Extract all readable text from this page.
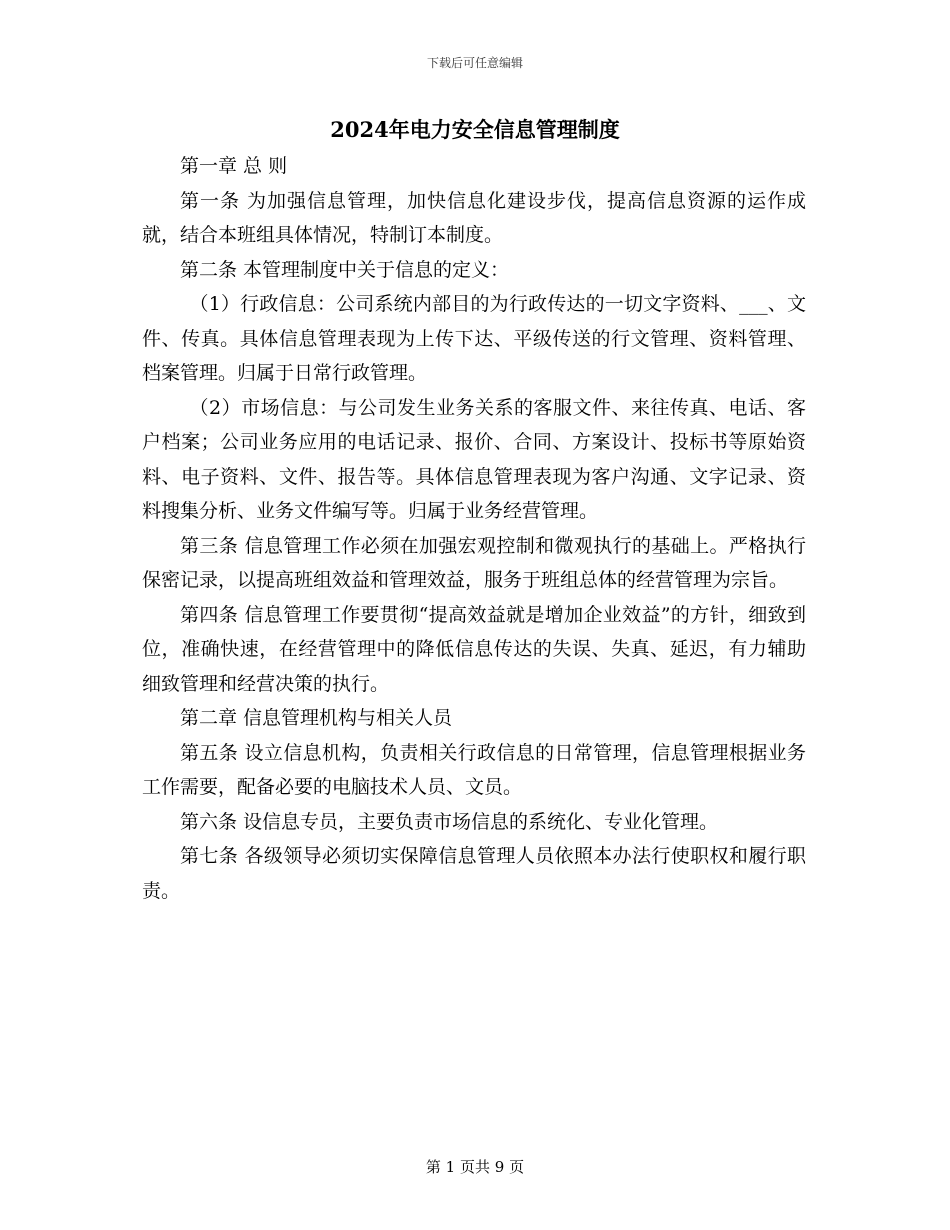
下载后可任意编辑
2024年电力安全信息管理制度

第一章 总 则

第一条 为加强信息管理，加快信息化建设步伐，提高信息资源的运作成就，结合本班组具体情况，特制订本制度。

第二条 本管理制度中关于信息的定义：

（1）行政信息：公司系统内部目的为行政传达的一切文字资料、___、文件、传真。具体信息管理表现为上传下达、平级传送的行文管理、资料管理、档案管理。归属于日常行政管理。

（2）市场信息：与公司发生业务关系的客服文件、来往传真、电话、客户档案；公司业务应用的电话记录、报价、合同、方案设计、投标书等原始资料、电子资料、文件、报告等。具体信息管理表现为客户沟通、文字记录、资料搜集分析、业务文件编写等。归属于业务经营管理。

第三条 信息管理工作必须在加强宏观控制和微观执行的基础上。严格执行保密记录，以提高班组效益和管理效益，服务于班组总体的经营管理为宗旨。

第四条 信息管理工作要贯彻“提高效益就是增加企业效益”的方针，细致到位，准确快速，在经营管理中的降低信息传达的失误、失真、延迟，有力辅助细致管理和经营决策的执行。

第二章 信息管理机构与相关人员

第五条 设立信息机构，负责相关行政信息的日常管理，信息管理根据业务工作需要，配备必要的电脑技术人员、文员。

第六条 设信息专员，主要负责市场信息的系统化、专业化管理。

第七条 各级领导必须切实保障信息管理人员依照本办法行使职权和履行职责。

第 1 页共 9 页
